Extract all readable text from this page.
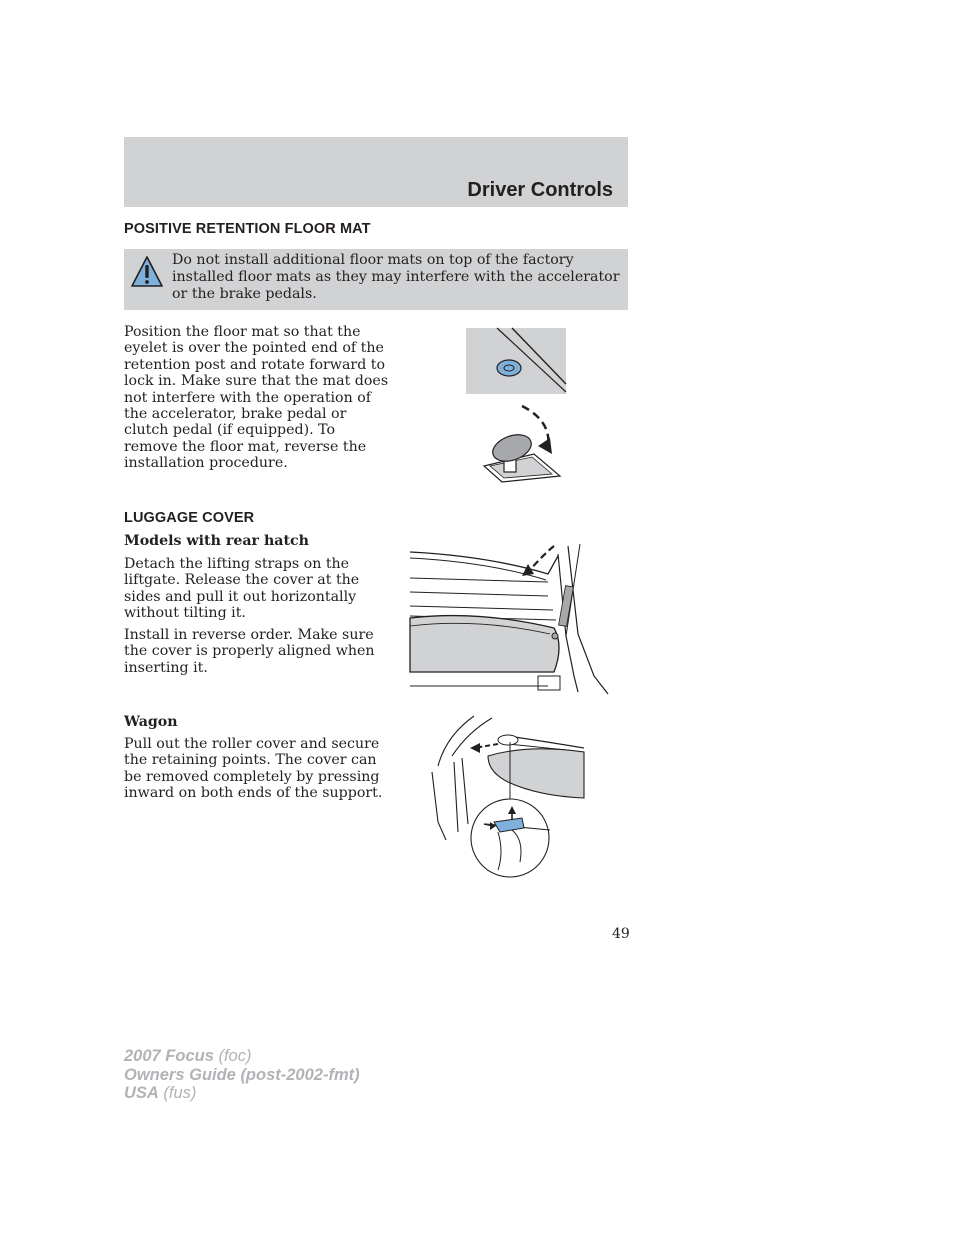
Driver Controls
POSITIVE RETENTION FLOOR MAT
Do not install additional floor mats on top of the factory installed floor mats as they may interfere with the accelerator or the brake pedals.
Position the floor mat so that the
eyelet is over the pointed end of the
retention post and rotate forward to
lock in. Make sure that the mat does
not interfere with the operation of
the accelerator, brake pedal or
clutch pedal (if equipped). To
remove the floor mat, reverse the
installation procedure.
LUGGAGE COVER
Models with rear hatch
Detach the lifting straps on the
liftgate. Release the cover at the
sides and pull it out horizontally
without tilting it.
Install in reverse order. Make sure
the cover is properly aligned when
inserting it.
Wagon
Pull out the roller cover and secure
the retaining points. The cover can
be removed completely by pressing
inward on both ends of the support.
49
2007 Focus (foc)
Owners Guide (post-2002-fmt)
USA (fus)
